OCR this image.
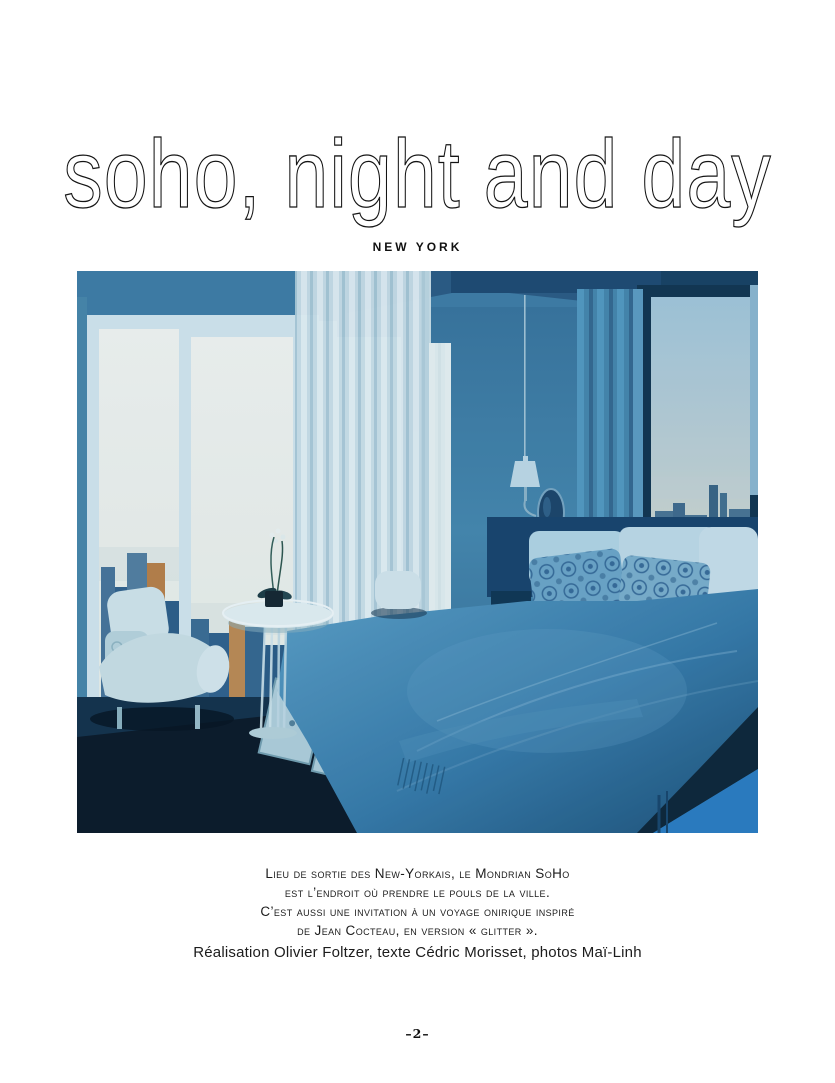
soho, night and day
NEW YORK
Lieu de sortie des New-Yorkais, le Mondrian SoHo
est l’endroit où prendre le pouls de la ville.
C’est aussi une invitation à un voyage onirique inspiré
de Jean Cocteau, en version « glitter ».
Réalisation Olivier Foltzer, texte Cédric Morisset, photos Maï-Linh
–2–
